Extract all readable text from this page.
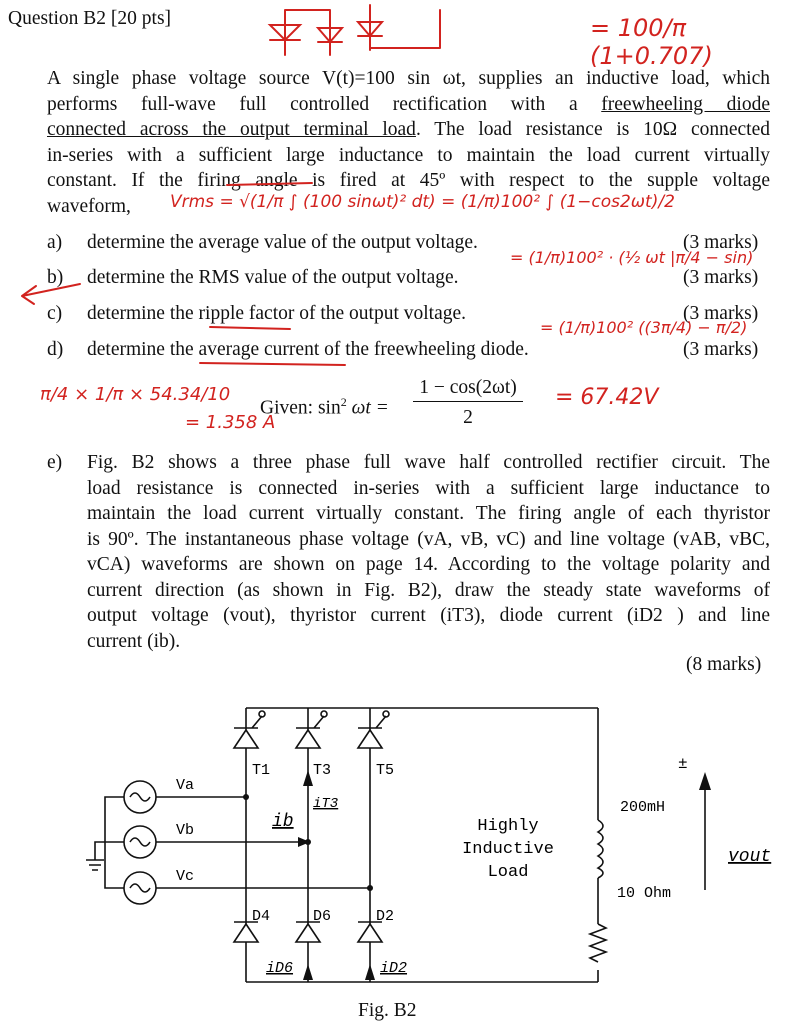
Question B2 [20 pts]
A single phase voltage source V(t)=100 sin ωt, supplies an inductive load, which
performs full-wave full controlled rectification with a freewheeling diode
connected across the output terminal load. The load resistance is 10Ω connected
in-series with a sufficient large inductance to maintain the load current virtually
constant. If the firing angle is fired at 45º with respect to the supple voltage
waveform,
a) determine the average value of the output voltage.	(3 marks)
b) determine the RMS value of the output voltage.	(3 marks)
c) determine the ripple factor of the output voltage.	(3 marks)
d) determine the average current of the freewheeling diode.	(3 marks)
Given: $\sin^2 \omega t$ =
1 − cos(2ωt)
2
e) Fig. B2 shows a three phase full wave half controlled rectifier circuit. The
load resistance is connected in-series with a sufficient large inductance to
maintain the load current virtually constant. The firing angle of each thyristor
is 90º. The instantaneous phase voltage (vA, vB, vC) and line voltage (vAB, vBC,
vCA) waveforms are shown on page 14. According to the voltage polarity and
current direction (as shown in Fig. B2), draw the steady state waveforms of
output voltage (vout), thyristor current (iT3), diode current (iD2 ) and line
current (ib).
(8 marks)
= 100/π (1+0.707)
Vrms = √(1/π ∫ (100 sinωt)² dt) = (1/π)100² ∫ (1−cos2ωt)/2
= (1/π)100² · (½ ωt |π/4 − sin)
= (1/π)100² ((3π/4) − π/2)
π/4 × 1/π × 54.34/10
= 1.358 A
= 67.42V
T1	T3	T5
D4	D6	D2
Va
Vb
Vc
Highly
Inductive
Load
200mH
10 Ohm
±
vout
iT3
ib
iD6	iD2
Fig. B2
